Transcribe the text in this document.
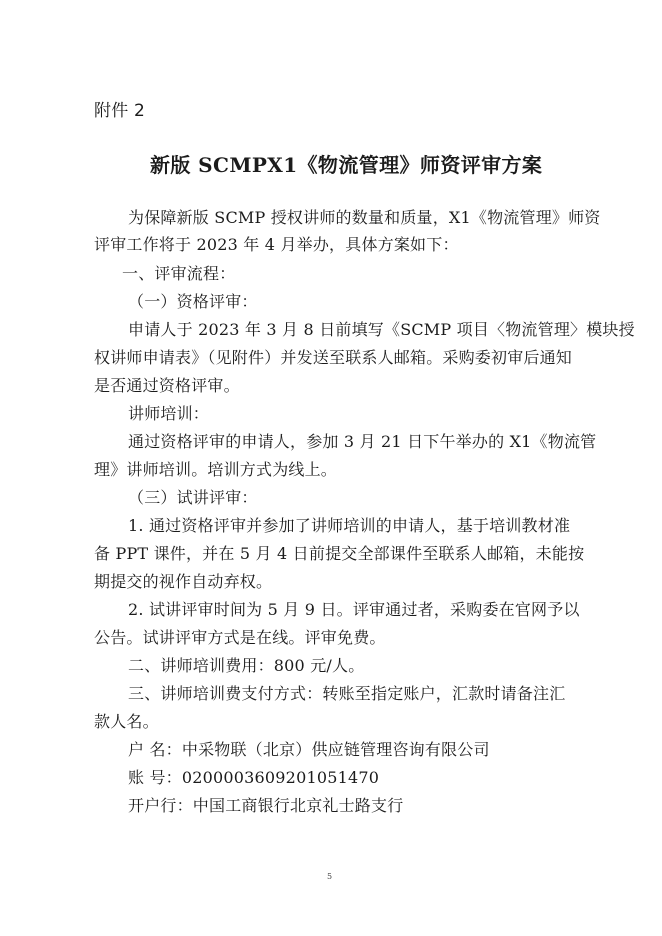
附件 2
新版 SCMPX1《物流管理》师资评审方案
为保障新版 SCMP 授权讲师的数量和质量，X1《物流管理》师资
评审工作将于 2023 年 4 月举办，具体方案如下：
一、评审流程：
（一）资格评审：
申请人于 2023 年 3 月 8 日前填写《SCMP 项目〈物流管理〉模块授
权讲师申请表》（见附件）并发送至联系人邮箱。采购委初审后通知
是否通过资格评审。
讲师培训：
通过资格评审的申请人，参加 3 月 21 日下午举办的 X1《物流管
理》讲师培训。培训方式为线上。
（三）试讲评审：
1. 通过资格评审并参加了讲师培训的申请人，基于培训教材准
备 PPT 课件，并在 5 月 4 日前提交全部课件至联系人邮箱，未能按
期提交的视作自动弃权。
2. 试讲评审时间为 5 月 9 日。评审通过者，采购委在官网予以
公告。试讲评审方式是在线。评审免费。
二、讲师培训费用：800 元/人。
三、讲师培训费支付方式：转账至指定账户，汇款时请备注汇
款人名。
户 名：中采物联（北京）供应链管理咨询有限公司
账 号：0200003609201051470
开户行：中国工商银行北京礼士路支行
5
